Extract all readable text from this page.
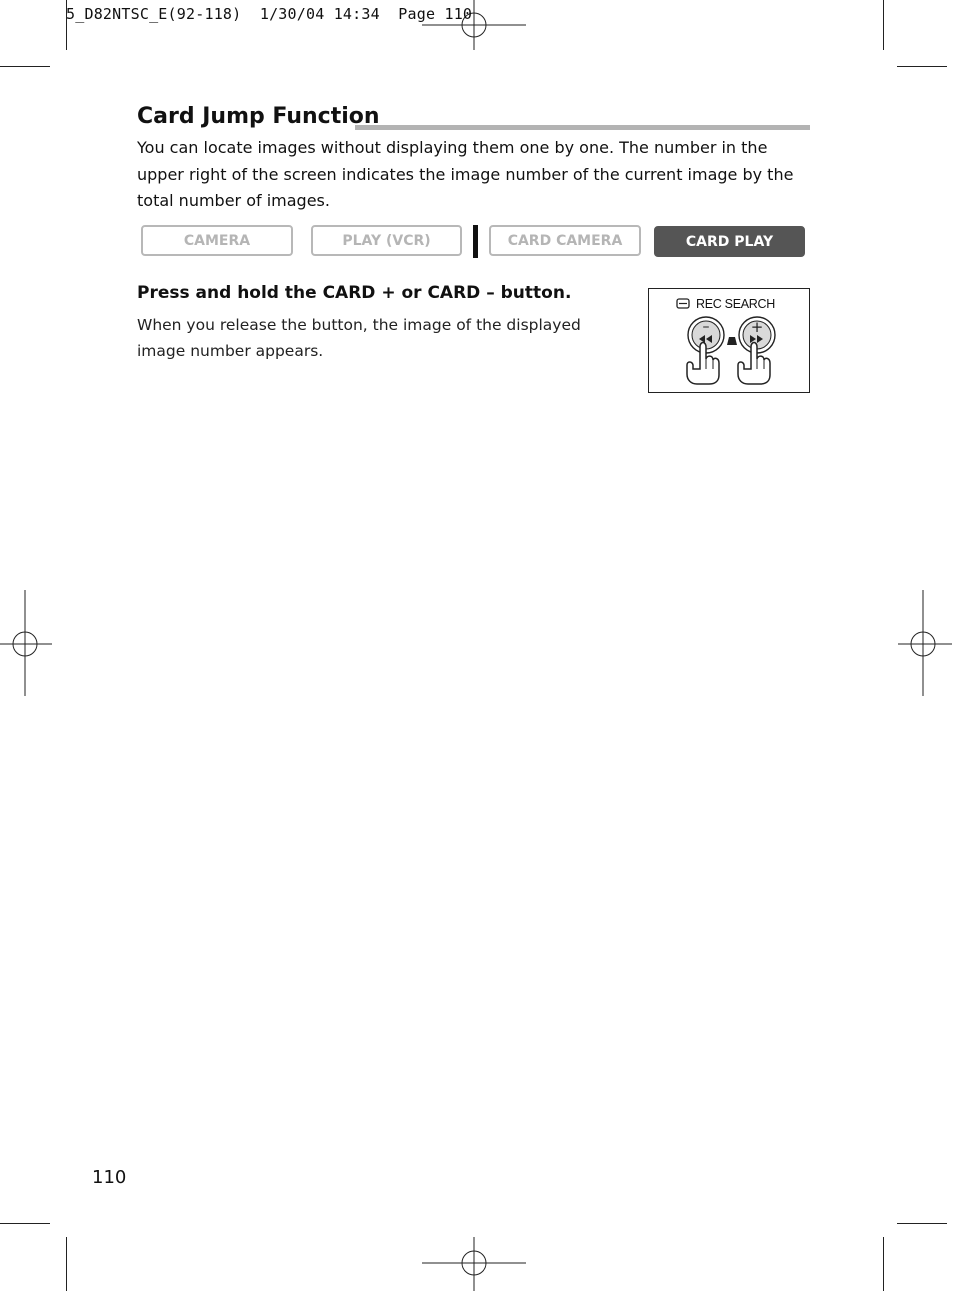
5_D82NTSC_E(92-118)  1/30/04 14:34  Page 110
Card Jump Function
You can locate images without displaying them one by one. The number in the upper right of the screen indicates the image number of the current image by the total number of images.
CAMERA	PLAY (VCR)	CARD CAMERA	CARD PLAY
Press and hold the CARD + or CARD – button.
When you release the button, the image of the displayed image number appears.
REC SEARCH
–	+
110
